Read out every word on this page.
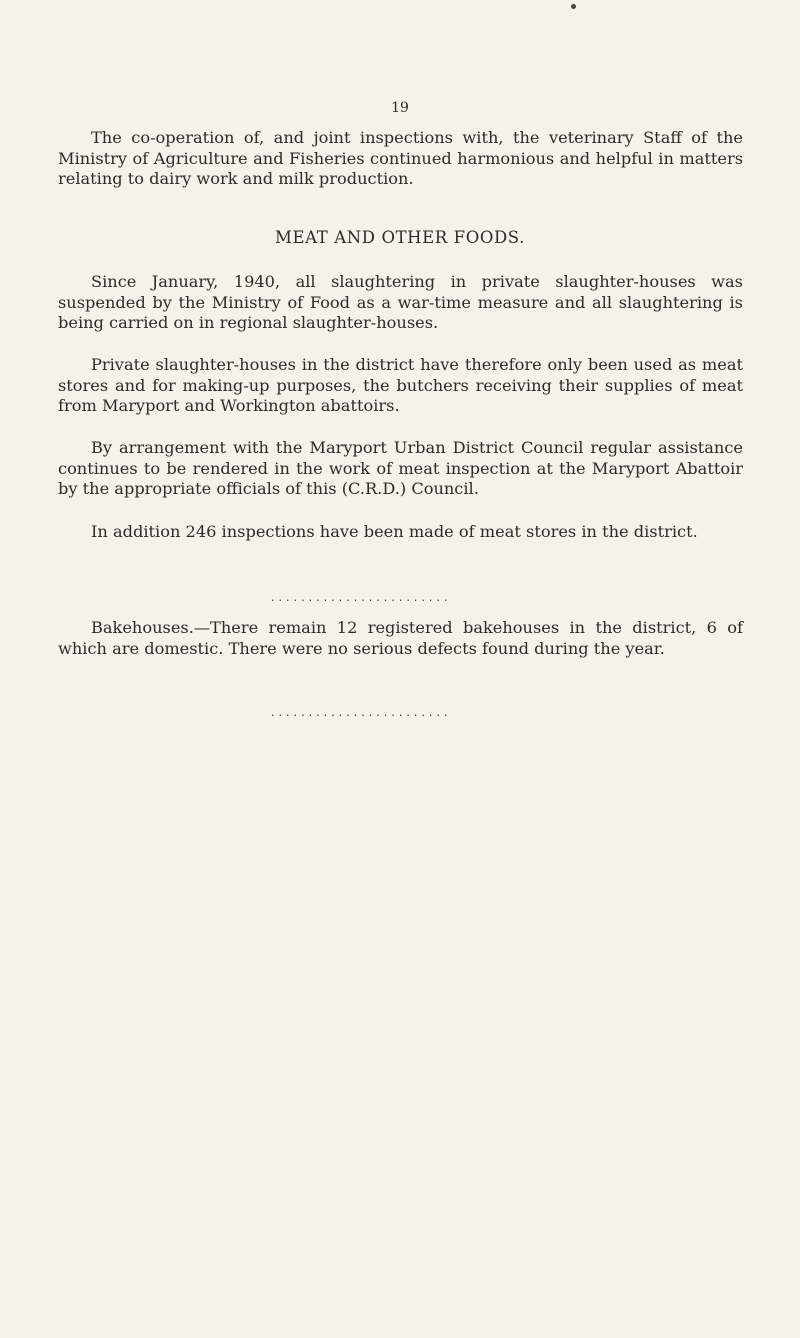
19

The co-operation of, and joint inspections with, the veterinary Staff of the Ministry of Agriculture and Fisheries continued harmonious and helpful in matters relating to dairy work and milk production.

MEAT AND OTHER FOODS.

Since January, 1940, all slaughtering in private slaughter-houses was suspended by the Ministry of Food as a war-time measure and all slaughtering is being carried on in regional slaughter-houses.

Private slaughter-houses in the district have therefore only been used as meat stores and for making-up purposes, the butchers receiving their supplies of meat from Maryport and Workington abattoirs.

By arrangement with the Maryport Urban District Council regular assistance continues to be rendered in the work of meat inspection at the Maryport Abattoir by the appropriate officials of this (C.R.D.) Council.

In addition 246 inspections have been made of meat stores in the district.

........................

Bakehouses.—There remain 12 registered bakehouses in the district, 6 of which are domestic. There were no serious defects found during the year.

........................
